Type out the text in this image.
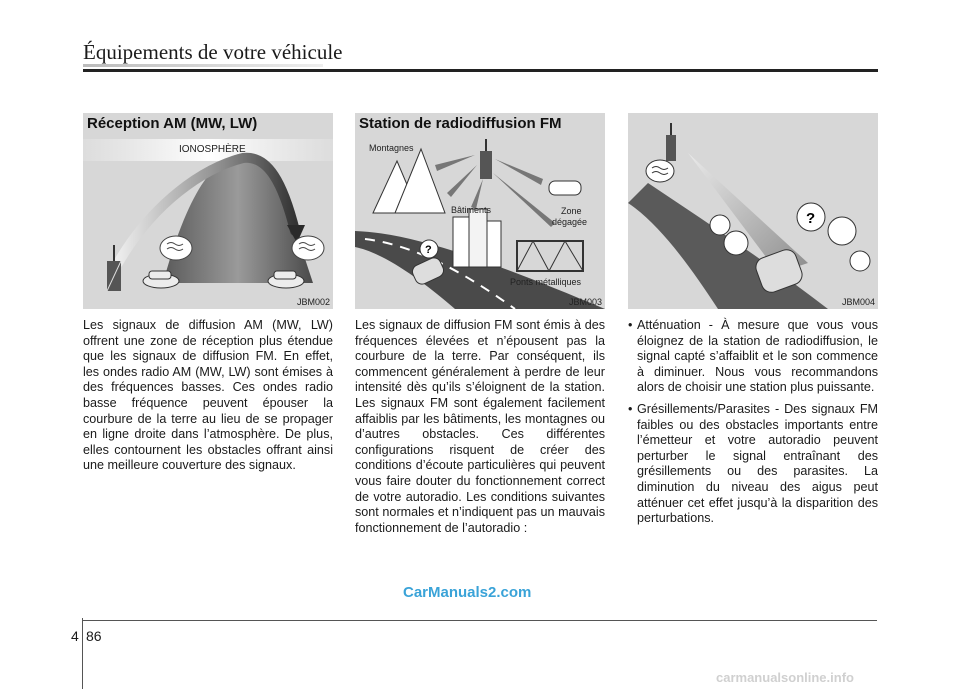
Équipements de votre véhicule
Réception AM (MW, LW)
IONOSPHÈRE
JBM002
?
Station de radiodiffusion FM
Montagnes
Bâtiments	Zone
dégagée
Ponts métalliques
JBM003
?
JBM004
Les signaux de diffusion AM (MW, LW) offrent une zone de réception plus étendue que les signaux de diffusion FM. En effet, les ondes radio AM (MW, LW) sont émises à des fréquences basses. Ces ondes radio basse fréquence peuvent épouser la courbure de la terre au lieu de se propager en ligne droite dans l’atmosphère. De plus, elles contournent les obstacles offrant ainsi une meilleure couverture des signaux.
Les signaux de diffusion FM sont émis à des fréquences élevées et n’épousent pas la courbure de la terre. Par conséquent, ils commencent généralement à perdre de leur intensité dès qu’ils s’éloignent de la station. Les signaux FM sont également facilement affaiblis par les bâtiments, les montagnes ou d’autres obstacles. Ces différentes configurations risquent de créer des conditions d’écoute particulières qui peuvent vous faire douter du fonctionnement correct de votre autoradio. Les conditions suivantes sont normales et n’indiquent pas un mauvais fonctionnement de l’autoradio :
• Atténuation - À mesure que vous vous éloignez de la station de radiodiffusion, le signal capté s’affaiblit et le son commence à diminuer. Nous vous recommandons alors de choisir une station plus puissante.
• Grésillements/Parasites - Des signaux FM faibles ou des obstacles importants entre l’émetteur et votre autoradio peuvent perturber le signal entraînant des grésillements ou des parasites. La diminution du niveau des aigus peut atténuer cet effet jusqu’à la disparition des perturbations.
CarManuals2.com
4 86
carmanualsonline.info
